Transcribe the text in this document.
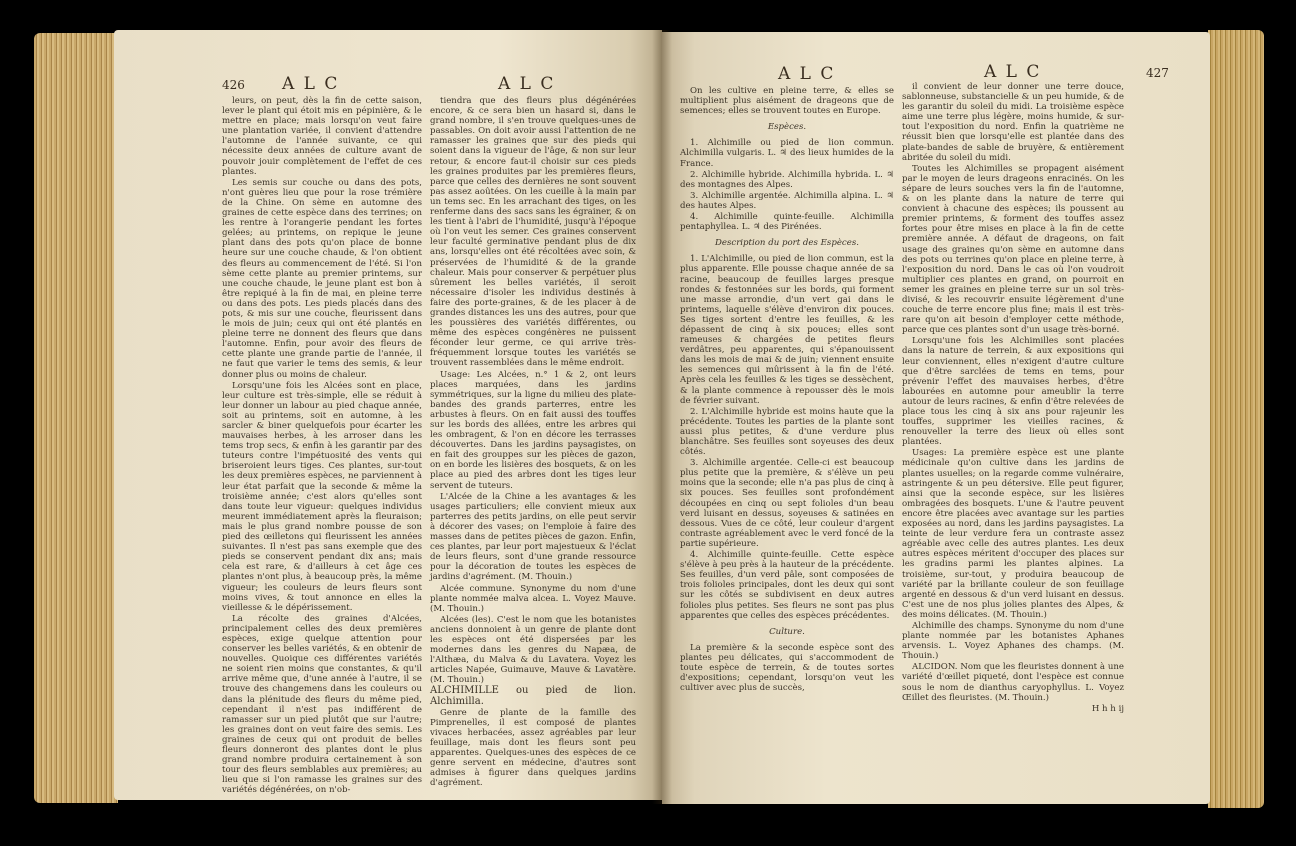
426 A L C	A L C	A L C	A L C	427

leurs, on peut, dès la fin de cette saison, lever le plant qui étoit mis en pépinière, & le mettre en place; mais lorsqu'on veut faire une plantation variée, il convient d'attendre l'automne de l'année suivante, ce qui nécessite deux années de culture avant de pouvoir jouir complètement de l'effet de ces plantes.

Les semis sur couche ou dans des pots, n'ont guères lieu que pour la rose trémière de la Chine. On sème en automne des graines de cette espèce dans des terrines; on les rentre à l'orangerie pendant les fortes gelées; au printems, on repique le jeune plant dans des pots qu'on place de bonne heure sur une couche chaude, & l'on obtient des fleurs au commencement de l'été. Si l'on sème cette plante au premier printems, sur une couche chaude, le jeune plant est bon à être repiqué à la fin de mai, en pleine terre ou dans des pots. Les pieds placés dans des pots, & mis sur une couche, fleurissent dans le mois de juin; ceux qui ont été plantés en pleine terre ne donnent des fleurs que dans l'automne. Enfin, pour avoir des fleurs de cette plante une grande partie de l'année, il ne faut que varier le tems des semis, & leur donner plus ou moins de chaleur.

Lorsqu'une fois les Alcées sont en place, leur culture est très-simple, elle se réduit à leur donner un labour au pied chaque année, soit au printems, soit en automne, à les sarcler & biner quelquefois pour écarter les mauvaises herbes, à les arroser dans les tems trop secs, & enfin à les garantir par des tuteurs contre l'impétuosité des vents qui briseroient leurs tiges. Ces plantes, sur-tout les deux premières espèces, ne parviennent à leur état parfait que la seconde & même la troisième année; c'est alors qu'elles sont dans toute leur vigueur: quelques individus meurent immédiatement après la fleuraison; mais le plus grand nombre pousse de son pied des œilletons qui fleurissent les années suivantes. Il n'est pas sans exemple que des pieds se conservent pendant dix ans; mais cela est rare, & d'ailleurs à cet âge ces plantes n'ont plus, à beaucoup près, la même vigueur; les couleurs de leurs fleurs sont moins vives, & tout annonce en elles la vieillesse & le dépérissement.

La récolte des graines d'Alcées, principalement celles des deux premières espèces, exige quelque attention pour conserver les belles variétés, & en obtenir de nouvelles. Quoique ces différentes variétés ne soient rien moins que constantes, & qu'il arrive même que, d'une année à l'autre, il se trouve des changemens dans les couleurs ou dans la plénitude des fleurs du même pied, cependant il n'est pas indifférent de ramasser sur un pied plutôt que sur l'autre; les graines dont on veut faire des semis. Les graines de ceux qui ont produit de belles fleurs donneront des plantes dont le plus grand nombre produira certainement à son tour des fleurs semblables aux premières; au lieu que si l'on ramasse les graines sur des variétés dégénérées, on n'ob-

tiendra que des fleurs plus dégénérées encore, & ce sera bien un hasard si, dans le grand nombre, il s'en trouve quelques-unes de passables. On doit avoir aussi l'attention de ne ramasser les graines que sur des pieds qui soient dans la vigueur de l'âge, & non sur leur retour, & encore faut-il choisir sur ces pieds les graines produites par les premières fleurs, parce que celles des dernières ne sont souvent pas assez aoûtées. On les cueille à la main par un tems sec. En les arrachant des tiges, on les renferme dans des sacs sans les égrainer, & on les tient à l'abri de l'humidité, jusqu'à l'époque où l'on veut les semer. Ces graines conservent leur faculté germinative pendant plus de dix ans, lorsqu'elles ont été récoltées avec soin, & préservées de l'humidité & de la grande chaleur. Mais pour conserver & perpétuer plus sûrement les belles variétés, il seroit nécessaire d'isoler les individus destinés à faire des porte-graines, & de les placer à de grandes distances les uns des autres, pour que les poussières des variétés différentes, ou même des espèces congénères ne puissent féconder leur germe, ce qui arrive très-fréquemment lorsque toutes les variétés se trouvent rassemblées dans le même endroit.

Usage: Les Alcées, n.° 1 & 2, ont leurs places marquées, dans les jardins symmétriques, sur la ligne du milieu des plate-bandes des grands parterres, entre les arbustes à fleurs. On en fait aussi des touffes sur les bords des allées, entre les arbres qui les ombragent, & l'on en décore les terrasses découvertes. Dans les jardins paysagistes, on en fait des grouppes sur les pièces de gazon, on en borde les lisières des bosquets, & on les place au pied des arbres dont les tiges leur servent de tuteurs.

L'Alcée de la Chine a les avantages & les usages particuliers; elle convient mieux aux parterres des petits jardins, on elle peut servir à décorer des vases; on l'emploie à faire des masses dans de petites pièces de gazon. Enfin, ces plantes, par leur port majestueux & l'éclat de leurs fleurs, sont d'une grande ressource pour la décoration de toutes les espèces de jardins d'agrément. (M. Thouin.)

Alcée commune. Synonyme du nom d'une plante nommée malva alcea. L. Voyez Mauve. (M. Thouin.)

Alcées (les). C'est le nom que les botanistes anciens donnoient à un genre de plante dont les espèces ont été dispersées par les modernes dans les genres du Napæa, de l'Althæa, du Malva & du Lavatera. Voyez les articles Napée, Guimauve, Mauve & Lavatère. (M. Thouin.)

ALCHIMILLE ou pied de lion. Alchimilla.

Genre de plante de la famille des Pimprenelles, il est composé de plantes vivaces herbacées, assez agréables par leur feuillage, mais dont les fleurs sont peu apparentes. Quelques-unes des espèces de ce genre servent en médecine, d'autres sont admises à figurer dans quelques jardins d'agrément.

On les cultive en pleine terre, & elles se multiplient plus aisément de drageons que de semences; elles se trouvent toutes en Europe.

Espèces.

1. Alchimille ou pied de lion commun. Alchimilla vulgaris. L. ♃ des lieux humides de la France.

2. Alchimille hybride. Alchimilla hybrida. L. ♃ des montagnes des Alpes.

3. Alchimille argentée. Alchimilla alpina. L. ♃ des hautes Alpes.

4. Alchimille quinte-feuille. Alchimilla pentaphyllea. L. ♃ des Pirénées.

Description du port des Espèces.

1. L'Alchimille, ou pied de lion commun, est la plus apparente. Elle pousse chaque année de sa racine, beaucoup de feuilles larges presque rondes & festonnées sur les bords, qui forment une masse arrondie, d'un vert gai dans le printems, laquelle s'élève d'environ dix pouces. Ses tiges sortent d'entre les feuilles, & les dépassent de cinq à six pouces; elles sont rameuses & chargées de petites fleurs verdâtres, peu apparentes, qui s'épanouissent dans les mois de mai & de juin; viennent ensuite les semences qui mûrissent à la fin de l'été. Après cela les feuilles & les tiges se dessèchent, & la plante commence à repousser dès le mois de février suivant.

2. L'Alchimille hybride est moins haute que la précédente. Toutes les parties de la plante sont aussi plus petites, & d'une verdure plus blanchâtre. Ses feuilles sont soyeuses des deux côtés.

3. Alchimille argentée. Celle-ci est beaucoup plus petite que la première, & s'élève un peu moins que la seconde; elle n'a pas plus de cinq à six pouces. Ses feuilles sont profondément découpées en cinq ou sept folioles d'un beau verd luisant en dessus, soyeuses & satinées en dessous. Vues de ce côté, leur couleur d'argent contraste agréablement avec le verd foncé de la partie supérieure.

4. Alchimille quinte-feuille. Cette espèce s'élève à peu près à la hauteur de la précédente. Ses feuilles, d'un verd pâle, sont composées de trois folioles principales, dont les deux qui sont sur les côtés se subdivisent en deux autres folioles plus petites. Ses fleurs ne sont pas plus apparentes que celles des espèces précédentes.

Culture.

La première & la seconde espèce sont des plantes peu délicates, qui s'accommodent de toute espèce de terrein, & de toutes sortes d'expositions; cependant, lorsqu'on veut les cultiver avec plus de succès,

il convient de leur donner une terre douce, sablonneuse, substancielle & un peu humide, & de les garantir du soleil du midi. La troisième espèce aime une terre plus légère, moins humide, & sur-tout l'exposition du nord. Enfin la quatrième ne réussit bien que lorsqu'elle est plantée dans des plate-bandes de sable de bruyère, & entièrement abritée du soleil du midi.

Toutes les Alchimilles se propagent aisément par le moyen de leurs drageons enracinés. On les sépare de leurs souches vers la fin de l'automne, & on les plante dans la nature de terre qui convient à chacune des espèces; ils poussent au premier printems, & forment des touffes assez fortes pour être mises en place à la fin de cette première année. A défaut de drageons, on fait usage des graines qu'on sème en automne dans des pots ou terrines qu'on place en pleine terre, à l'exposition du nord. Dans le cas où l'on voudroit multiplier ces plantes en grand, on pourroit en semer les graines en pleine terre sur un sol très-divisé, & les recouvrir ensuite légèrement d'une couche de terre encore plus fine; mais il est très-rare qu'on ait besoin d'employer cette méthode, parce que ces plantes sont d'un usage très-borné.

Lorsqu'une fois les Alchimilles sont placées dans la nature de terrein, & aux expositions qui leur conviennent, elles n'exigent d'autre culture que d'être sarclées de tems en tems, pour prévenir l'effet des mauvaises herbes, d'être labourées en automne pour ameublir la terre autour de leurs racines, & enfin d'être relevées de place tous les cinq à six ans pour rajeunir les touffes, supprimer les vieilles racines, & renouveller la terre des lieux où elles sont plantées.

Usages: La première espèce est une plante médicinale qu'on cultive dans les jardins de plantes usuelles; on la regarde comme vulnéraire, astringente & un peu détersive. Elle peut figurer, ainsi que la seconde espèce, sur les lisières ombragées des bosquets. L'une & l'autre peuvent encore être placées avec avantage sur les parties exposées au nord, dans les jardins paysagistes. La teinte de leur verdure fera un contraste assez agréable avec celle des autres plantes. Les deux autres espèces méritent d'occuper des places sur les gradins parmi les plantes alpines. La troisième, sur-tout, y produira beaucoup de variété par la brillante couleur de son feuillage argenté en dessous & d'un verd luisant en dessus. C'est une de nos plus jolies plantes des Alpes, & des moins délicates. (M. Thouin.)

Alchimille des champs. Synonyme du nom d'une plante nommée par les botanistes Aphanes arvensis. L. Voyez Aphanes des champs. (M. Thouin.)

ALCIDON. Nom que les fleuristes donnent à une variété d'œillet piqueté, dont l'espèce est connue sous le nom de dianthus caryophyllus. L. Voyez Œillet des fleuristes. (M. Thouin.)

H h h ij
